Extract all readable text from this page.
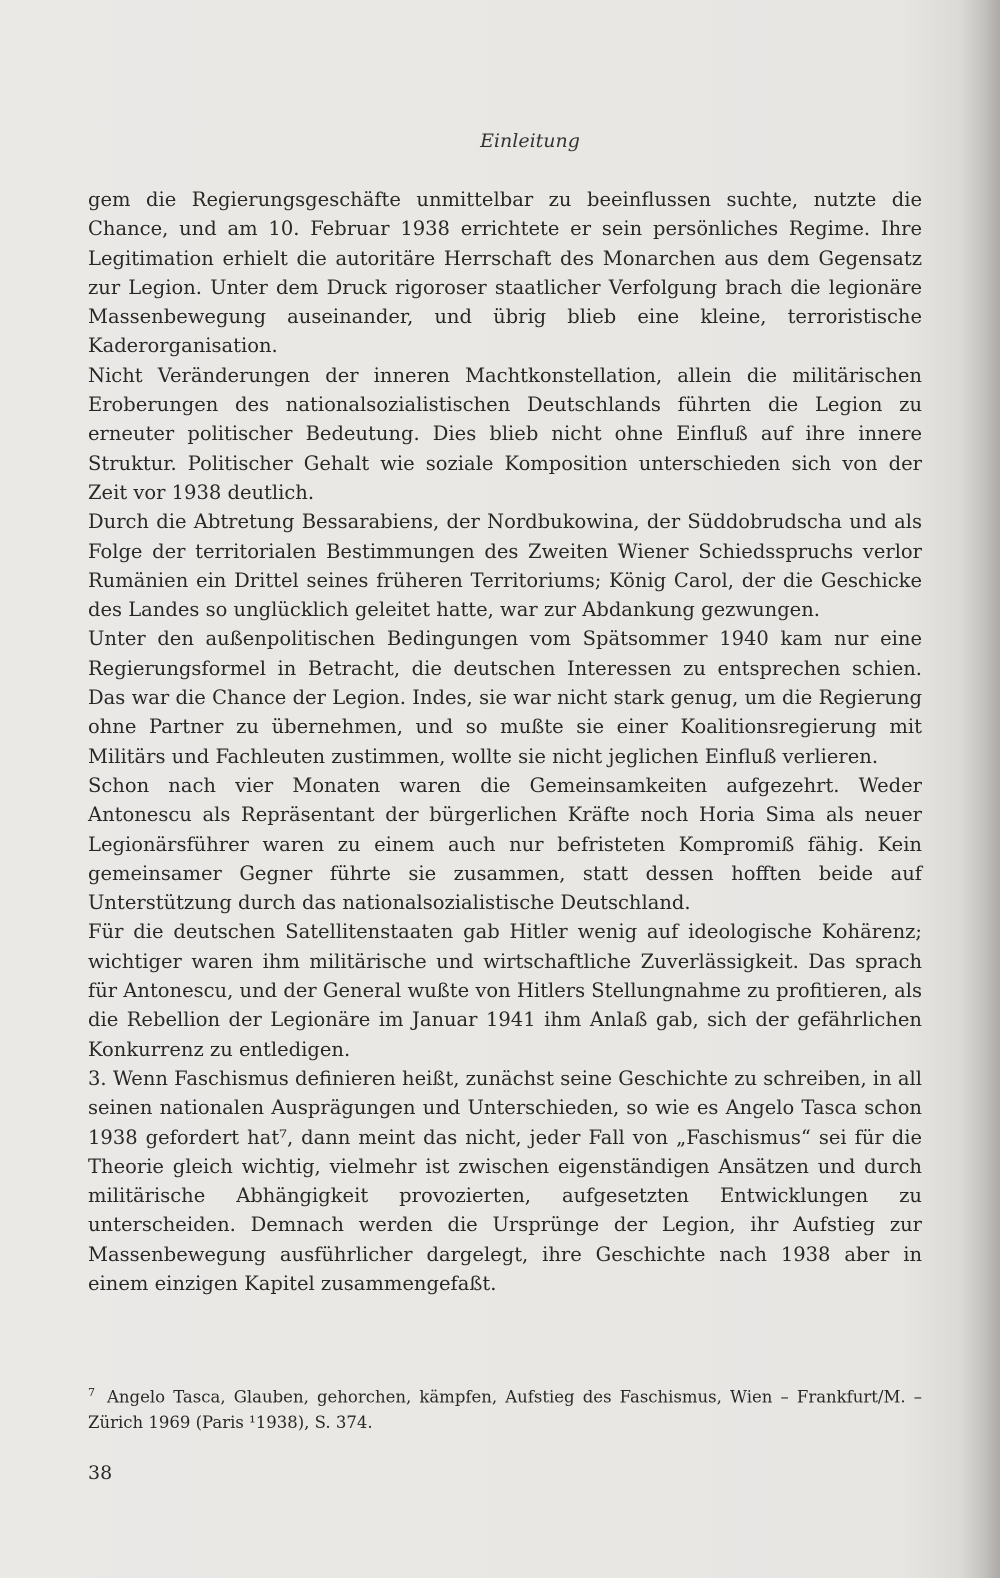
Einleitung

gem die Regierungsgeschäfte unmittelbar zu beeinflussen suchte, nutzte die Chance, und am 10. Februar 1938 errichtete er sein persönliches Regime. Ihre Legitimation erhielt die autoritäre Herrschaft des Monarchen aus dem Gegensatz zur Legion. Unter dem Druck rigoroser staatlicher Verfolgung brach die legionäre Massenbewegung auseinander, und übrig blieb eine kleine, terroristische Kaderorganisation.

Nicht Veränderungen der inneren Machtkonstellation, allein die militärischen Eroberungen des nationalsozialistischen Deutschlands führten die Legion zu erneuter politischer Bedeutung. Dies blieb nicht ohne Einfluß auf ihre innere Struktur. Politischer Gehalt wie soziale Komposition unterschieden sich von der Zeit vor 1938 deutlich.

Durch die Abtretung Bessarabiens, der Nordbukowina, der Süddobrudscha und als Folge der territorialen Bestimmungen des Zweiten Wiener Schiedsspruchs verlor Rumänien ein Drittel seines früheren Territoriums; König Carol, der die Geschicke des Landes so unglücklich geleitet hatte, war zur Abdankung gezwungen.

Unter den außenpolitischen Bedingungen vom Spätsommer 1940 kam nur eine Regierungsformel in Betracht, die deutschen Interessen zu entsprechen schien. Das war die Chance der Legion. Indes, sie war nicht stark genug, um die Regierung ohne Partner zu übernehmen, und so mußte sie einer Koalitionsregierung mit Militärs und Fachleuten zustimmen, wollte sie nicht jeglichen Einfluß verlieren.

Schon nach vier Monaten waren die Gemeinsamkeiten aufgezehrt. Weder Antonescu als Repräsentant der bürgerlichen Kräfte noch Horia Sima als neuer Legionärsführer waren zu einem auch nur befristeten Kompromiß fähig. Kein gemeinsamer Gegner führte sie zusammen, statt dessen hofften beide auf Unterstützung durch das nationalsozialistische Deutschland.

Für die deutschen Satellitenstaaten gab Hitler wenig auf ideologische Kohärenz; wichtiger waren ihm militärische und wirtschaftliche Zuverlässigkeit. Das sprach für Antonescu, und der General wußte von Hitlers Stellungnahme zu profitieren, als die Rebellion der Legionäre im Januar 1941 ihm Anlaß gab, sich der gefährlichen Konkurrenz zu entledigen.

3. Wenn Faschismus definieren heißt, zunächst seine Geschichte zu schreiben, in all seinen nationalen Ausprägungen und Unterschieden, so wie es Angelo Tasca schon 1938 gefordert hat⁷, dann meint das nicht, jeder Fall von „Faschismus“ sei für die Theorie gleich wichtig, vielmehr ist zwischen eigenständigen Ansätzen und durch militärische Abhängigkeit provozierten, aufgesetzten Entwicklungen zu unterscheiden. Demnach werden die Ursprünge der Legion, ihr Aufstieg zur Massenbewegung ausführlicher dargelegt, ihre Geschichte nach 1938 aber in einem einzigen Kapitel zusammengefaßt.

$^7$ Angelo Tasca, Glauben, gehorchen, kämpfen, Aufstieg des Faschismus, Wien – Frankfurt/M. –Zürich 1969 (Paris ¹1938), S. 374.
38
